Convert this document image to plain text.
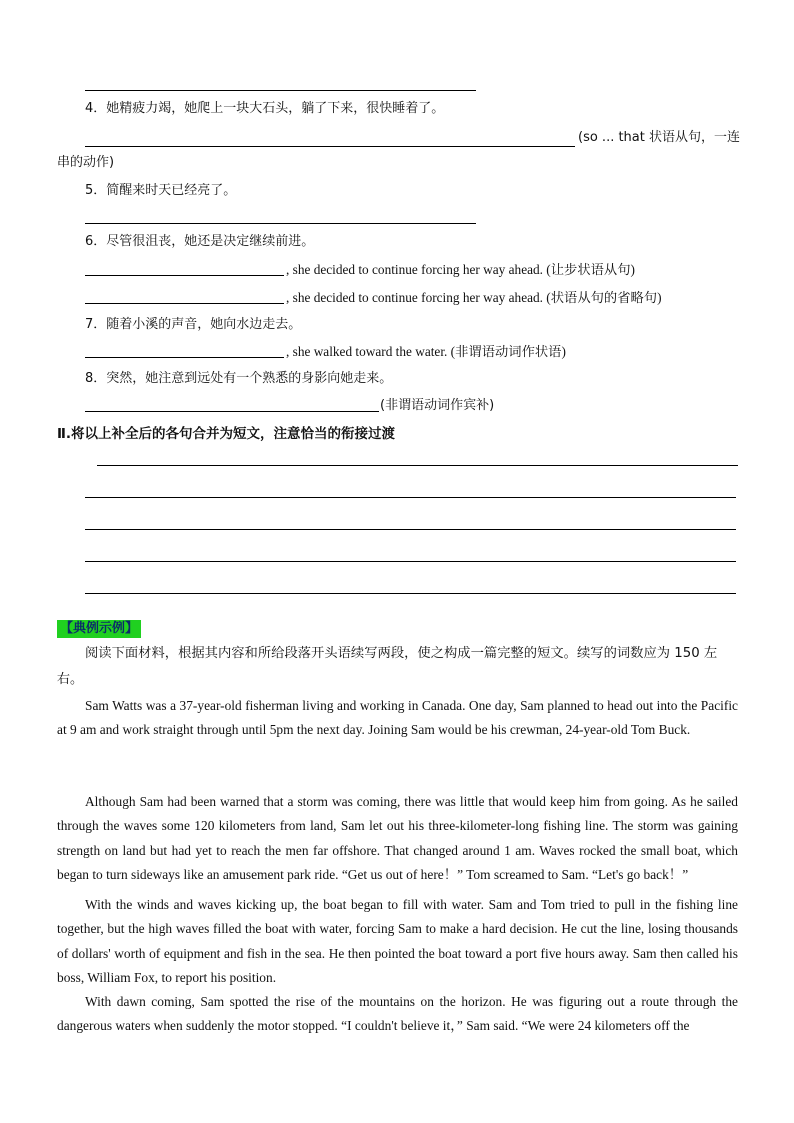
4．她精疲力竭，她爬上一块大石头，躺了下来，很快睡着了。
(so ... that 状语从句，一连
串的动作)
5．简醒来时天已经亮了。
6．尽管很沮丧，她还是决定继续前进。
, she decided to continue forcing her way ahead. (让步状语从句)
, she decided to continue forcing her way ahead. (状语从句的省略句)
7．随着小溪的声音，她向水边走去。
, she walked toward the water. (非谓语动词作状语)
8．突然，她注意到远处有一个熟悉的身影向她走来。
(非谓语动词作宾补)
Ⅱ.将以上补全后的各句合并为短文，注意恰当的衔接过渡
【典例示例】
阅读下面材料，根据其内容和所给段落开头语续写两段，使之构成一篇完整的短文。续写的词数应为 150 左
右。
Sam Watts was a 37-year-old fisherman living and working in Canada. One day, Sam planned to head out into the Pacific at 9 am and work straight through until 5pm the next day. Joining Sam would be his crewman, 24-year-old Tom Buck.
Although Sam had been warned that a storm was coming, there was little that would keep him from going. As he sailed through the waves some 120 kilometers from land, Sam let out his three-kilometer-long fishing line. The storm was gaining strength on land but had yet to reach the men far offshore. That changed around 1 am. Waves rocked the small boat, which began to turn sideways like an amusement park ride. “Get us out of here！” Tom screamed to Sam. “Let's go back！”
With the winds and waves kicking up, the boat began to fill with water. Sam and Tom tried to pull in the fishing line together, but the high waves filled the boat with water, forcing Sam to make a hard decision. He cut the line, losing thousands of dollars' worth of equipment and fish in the sea. He then pointed the boat toward a port five hours away. Sam then called his boss, William Fox, to report his position.
With dawn coming, Sam spotted the rise of the mountains on the horizon. He was figuring out a route through the dangerous waters when suddenly the motor stopped. “I couldn't believe it，” Sam said. “We were 24 kilometers off the
